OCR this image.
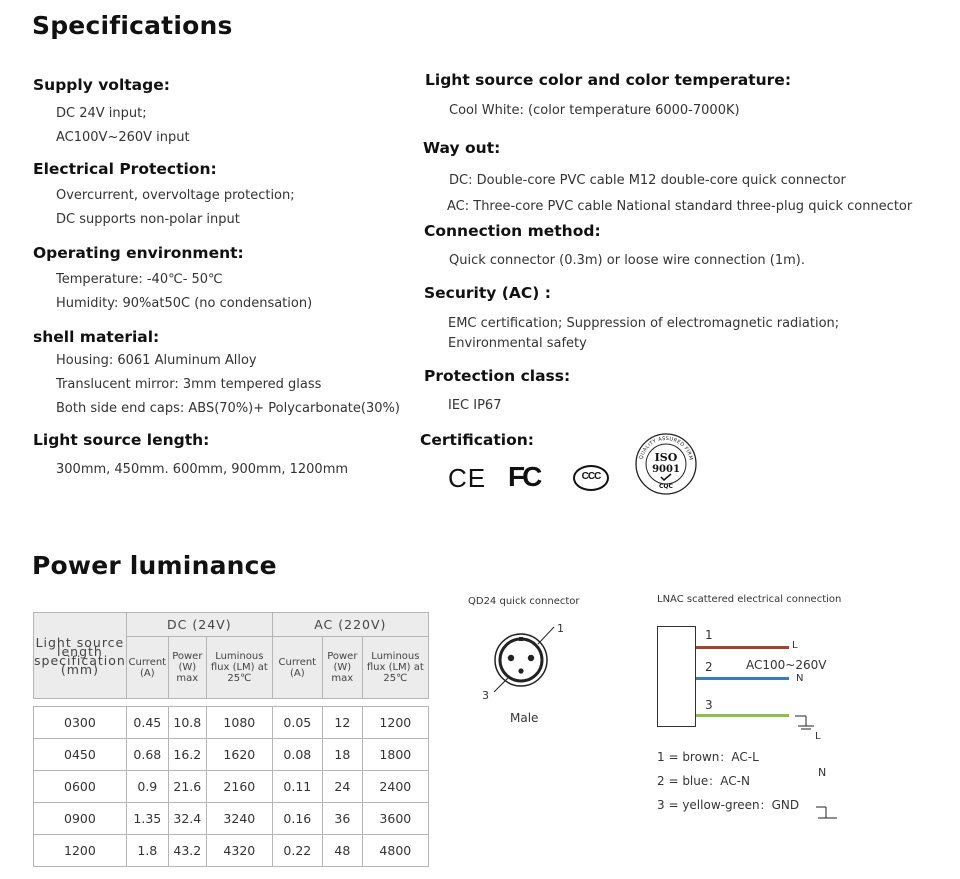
Specifications
Supply voltage:
DC 24V input;
AC100V~260V input
Electrical Protection:
Overcurrent, overvoltage protection;
DC supports non-polar input
Operating environment:
Temperature: -40℃- 50℃
Humidity: 90%at50C (no condensation)
shell material:
Housing: 6061 Aluminum Alloy
Translucent mirror: 3mm tempered glass
Both side end caps: ABS(70%)+ Polycarbonate(30%)
Light source length:
300mm, 450mm. 600mm, 900mm, 1200mm
Light source color and color temperature:
Cool White: (color temperature 6000-7000K)
Way out:
DC: Double-core PVC cable M12 double-core quick connector
AC: Three-core PVC cable National standard three-plug quick connector
Connection method:
Quick connector (0.3m) or loose wire connection (1m).
Security (AC) :
EMC certification; Suppression of electromagnetic radiation;
Environmental safety
Protection class:
IEC IP67
Certification:
CE FC	CCC
QUALITY ASSURED FIRM
ISO
9001
CQC
Power luminance
Light source length specification (mm)	DC (24V)			AC (220V)		
	Current (A)	Power (W) max	Luminous flux (LM) at 25℃	Current (A)	Power (W) max	Luminous flux (LM) at 25℃

0300	0.45	10.8	1080	0.05	12	1200
0450	0.68	16.2	1620	0.08	18	1800
0600	0.9	21.6	2160	0.11	24	2400
0900	1.35	32.4	3240	0.16	36	3600
1200	1.8	43.2	4320	0.22	48	4800
QD24 quick connector
1
3
Male
LNAC scattered electrical connection
1
2
3
L
AC100~260V
N
L
1 = brown：AC-L
2 = blue：AC-N
3 = yellow-green：GND
N
